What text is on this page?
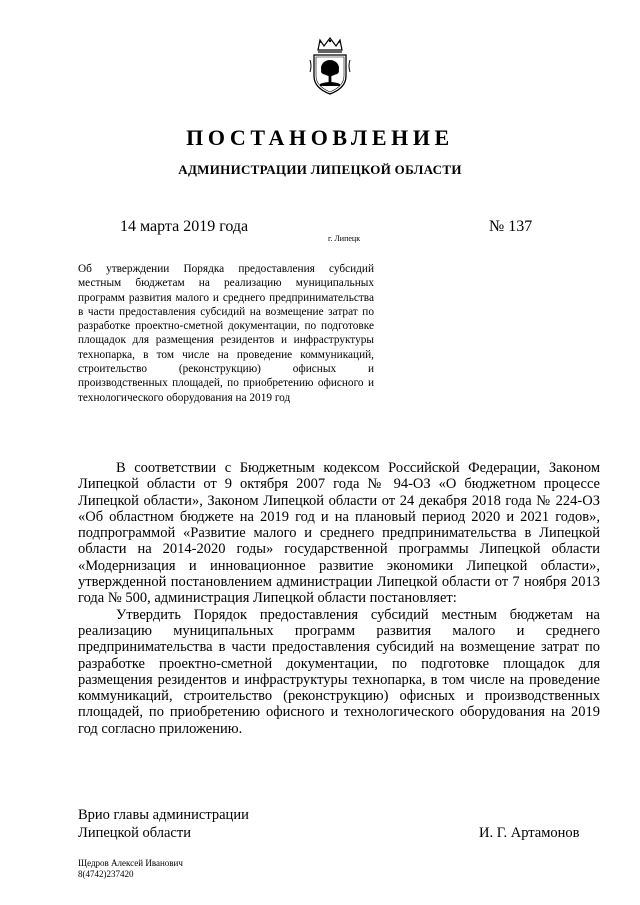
ПОСТАНОВЛЕНИЕ
АДМИНИСТРАЦИИ ЛИПЕЦКОЙ ОБЛАСТИ
14 марта 2019 года
г. Липецк
№ 137
Об утверждении Порядка предоставления субсидий местным бюджетам на реализацию муниципальных программ развития малого и среднего предпринимательства в части предоставления субсидий на возмещение затрат по разработке проектно-сметной документации, по подготовке площадок для размещения резидентов и инфраструктуры технопарка, в том числе на проведение коммуникаций, строительство (реконструкцию) офисных и производственных площадей, по приобретению офисного и технологического оборудования на 2019 год

В соответствии с Бюджетным кодексом Российской Федерации, Законом Липецкой области от 9 октября 2007 года № 94-ОЗ «О бюджетном процессе Липецкой области», Законом Липецкой области от 24 декабря 2018 года № 224-ОЗ «Об областном бюджете на 2019 год и на плановый период 2020 и 2021 годов», подпрограммой «Развитие малого и среднего предпринимательства в Липецкой области на 2014-2020 годы» государственной программы Липецкой области «Модернизация и инновационное развитие экономики Липецкой области», утвержденной постановлением администрации Липецкой области от 7 ноября 2013 года № 500, администрация Липецкой области постановляет:

Утвердить Порядок предоставления субсидий местным бюджетам на реализацию муниципальных программ развития малого и среднего предпринимательства в части предоставления субсидий на возмещение затрат по разработке проектно-сметной документации, по подготовке площадок для размещения резидентов и инфраструктуры технопарка, в том числе на проведение коммуникаций, строительство (реконструкцию) офисных и производственных площадей, по приобретению офисного и технологического оборудования на 2019 год согласно приложению.

Врио главы администрации
Липецкой области	И. Г. Артамонов
Щедров Алексей Иванович
8(4742)237420
